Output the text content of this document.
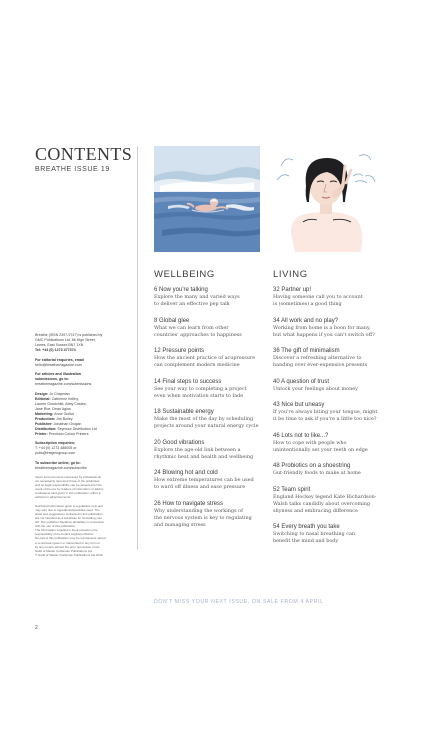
CONTENTS
BREATHE ISSUE 19

Breathe (ISSN 2397-9747) is published by
GMC Publications Ltd, 86 High Street,
Lewes, East Sussex BN7 1XN
Tel: +44 (0) 1273 477374

For editorial enquiries, email
hello@breathemagazine.com

For articles and illustration
submissions, go to:
breathemagazine.com/submissions

Design: Jo Chapman
Editorial: Catherine Kelthy,
Lauren Goodchild, Abby Costen,
Jane Roe, Dean Agius
Marketing: Anne Guillot
Production: Jim Bulley
Publisher: Jonathan Grogan
Distribution: Seymour Distribution Ltd
Printer: Precision Colour Printers

Subscription enquiries:
T: +44 (0) 1273 488005 or
pubs@thegmcgroup.com

To subscribe online, go to:
breathemagazine.com/subscribe

Views and comments expressed by individuals do
not necessarily represent those of the publishers
and no legal responsibility can be accepted for the
result of the use by readers of information or advice
of whatever kind given in this publication, either in
editorial or advertisements.

Nutritional information given is a guideline only and
may vary due to ingredients/quantities used. The
ideas and suggestions contained in this publication
are not intended as a substitute for consulting your
GP. The publisher disclaims all liability in connection
with the use of this publication.
The information supplied in book extracts is the
responsibility of the book's original publisher.
No part of this publication may be reproduced, stored
in a retrieval system or transmitted in any form or
by any means without the prior permission of the
Guild of Master Craftsman Publications Ltd.
© Guild of Master Craftsman Publications Ltd 2019
WELLBEING	LIVING
6 Now you're talking
Explore the many and varied ways
to deliver an effective pep talk
8 Global glee
What we can learn from other
countries' approaches to happiness
12 Pressure points
How the ancient practice of acupressure
can complement modern medicine
14 Final steps to success
See your way to completing a project
even when motivation starts to fade
18 Sustainable energy
Make the most of the day by scheduling
projects around your natural energy cycle
20 Good vibrations
Explore the age-old link between a
rhythmic beat and health and wellbeing
24 Blowing hot and cold
How extreme temperatures can be used
to ward off illness and ease pressure
26 How to navigate stress
Why understanding the workings of
the nervous system is key to regulating
and managing stress
32 Partner up!
Having someone call you to account
is (sometimes) a good thing
34 All work and no play?
Working from home is a boon for many,
but what happens if you can't switch off?
36 The gift of minimalism
Discover a refreshing alternative to
handing over ever-expensive presents
40 A question of trust
Unlock your feelings about money
43 Nice but uneasy
If you're always biting your tongue, might
it be time to ask if you're a little too nice?
46 Lots not to like...?
How to cope with people who
unintentionally set your teeth on edge
48 Probiotics on a shoestring
Gut-friendly foods to make at home
52 Team spirit
England Hockey legend Kate Richardson-
Walsh talks candidly about overcoming
shyness and embracing difference
54 Every breath you take
Switching to nasal breathing can
benefit the mind and body
DON'T MISS YOUR NEXT ISSUE, ON SALE FROM 4 APRIL
2
